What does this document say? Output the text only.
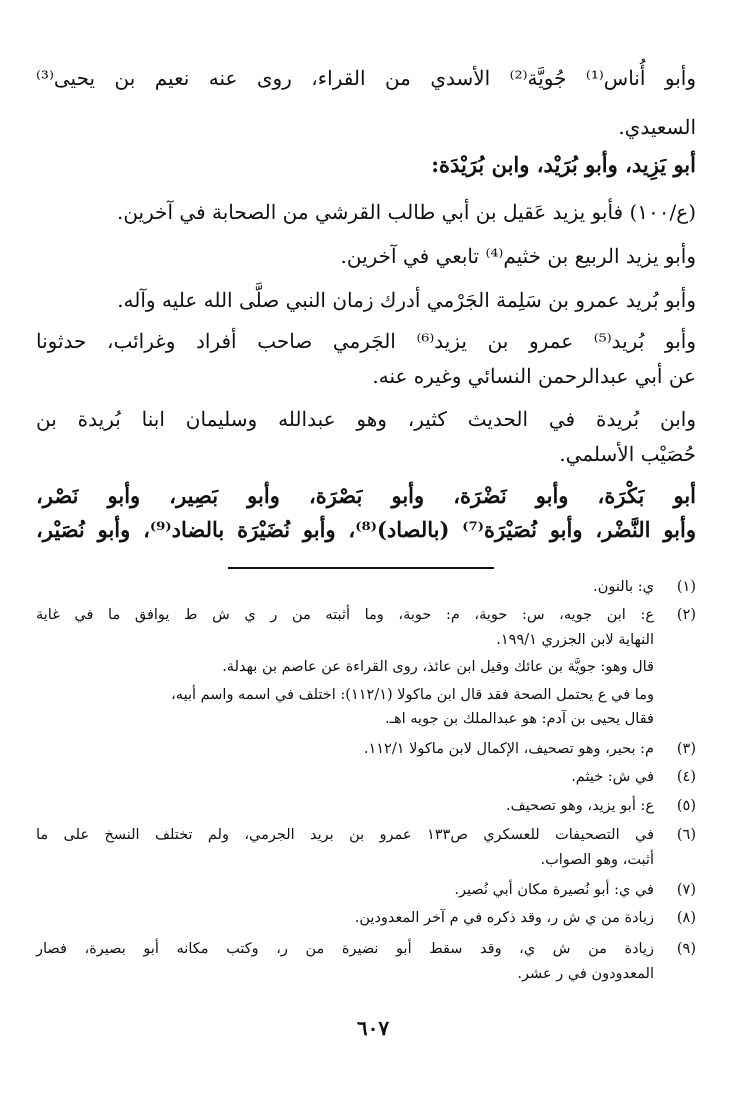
وأبو أُناس⁽¹⁾ جُويَّة⁽²⁾ الأسدي من القراء، روى عنه نعيم بن يحيى⁽³⁾
السعيدي.
أبو يَزِيد، وأبو بُرَيْد، وابن بُرَيْدَة:
(ع/١٠٠) فأبو يزيد عَقيل بن أبي طالب القرشي من الصحابة في آخرين.
وأبو يزيد الربيع بن خثيم⁽⁴⁾ تابعي في آخرين.
وأبو بُريد عمرو بن سَلِمة الجَرْمي أدرك زمان النبي صلَّى الله عليه وآله.
وأبو بُريد⁽⁵⁾ عمرو بن يزيد⁽⁶⁾ الجَرمي صاحب أفراد وغرائب، حدثونا
عن أبي عبدالرحمن النسائي وغيره عنه.
وابن بُريدة في الحديث كثير، وهو عبدالله وسليمان ابنا بُريدة بن
حُصَيْب الأسلمي.
أبو بَكْرَة، وأبو نَضْرَة، وأبو بَصْرَة، وأبو بَصِير، وأبو نَصْر،
وأبو النَّضْر، وأبو نُصَيْرَة⁽⁷⁾ (بالصاد)⁽⁸⁾، وأبو نُضَيْرَة بالضاد⁽⁹⁾، وأبو نُصَيْر،
(١)
ي: بالنون.
(٢)
ع: ابن جويه، س: حوية، م: حوبة، وما أثبته من ر ي ش ط يوافق ما في غاية
النهاية لابن الجزري ١٩٩/١.
قال وهو: جويَّة بن عائك وقيل ابن عائذ، روى القراءة عن عاصم بن بهدلة.
وما في ع يحتمل الصحة فقد قال ابن ماكولا (١١٢/١): اختلف في اسمه واسم أبيه،
فقال يحيى بن آدم: هو عبدالملك بن جويه اهـ.
(٣)
م: بحير، وهو تصحيف، الإكمال لابن ماكولا ١١٢/١.
(٤)
في ش: خيثم.
(٥)
ع: أبو يزيد، وهو تصحيف.
(٦)
في التصحيفات للعسكري ص١٣٣ عمرو بن بريد الجرمي، ولم تختلف النسخ على ما
أثبت، وهو الصواب.
(٧)
في ي: أبو نُصيرة مكان أبي نُصير.
(٨)
زيادة من ي ش ر، وقد ذكره في م آخر المعدودين.
(٩)
زيادة من ش ي، وقد سقط أبو نضيرة من ر، وكتب مكانه أبو بصيرة، فصار
المعدودون في ر عشر.
٦٠٧
